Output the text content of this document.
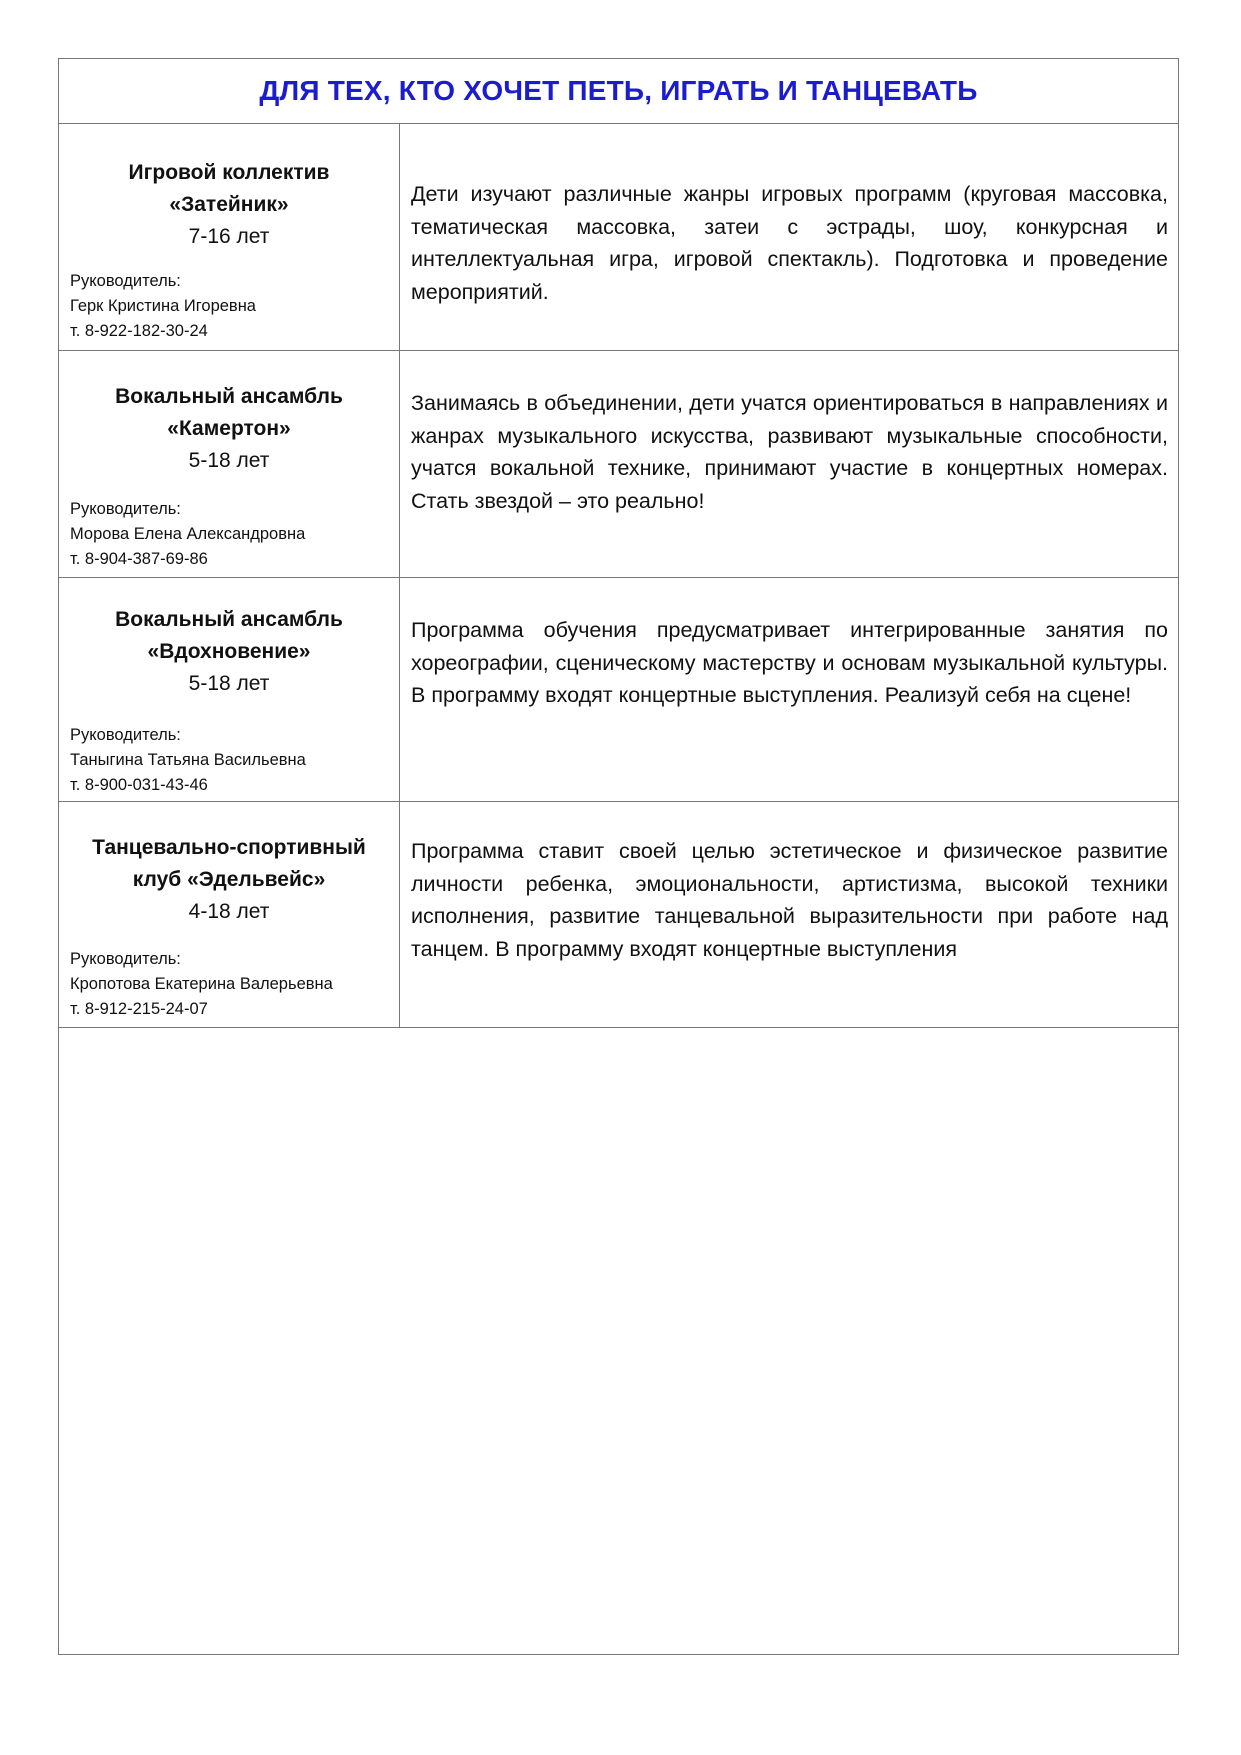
ДЛЯ ТЕХ, КТО ХОЧЕТ ПЕТЬ, ИГРАТЬ И ТАНЦЕВАТЬ
Игровой коллектив
«Затейник»
7-16 лет
Руководитель:
Герк Кристина Игоревна
т. 8-922-182-30-24
Дети изучают различные жанры игровых программ (круговая массовка, тематическая массовка, затеи с эстрады, шоу, конкурсная и интеллектуальная игра, игровой спектакль). Подготовка и проведение мероприятий.
Вокальный ансамбль
«Камертон»
5-18 лет
Руководитель:
Морова Елена Александровна
т. 8-904-387-69-86
Занимаясь в объединении, дети учатся ориентироваться в направлениях и жанрах музыкального искусства, развивают музыкальные способности, учатся вокальной технике, принимают участие в концертных номерах. Стать звездой – это реально!
Вокальный ансамбль
«Вдохновение»
5-18 лет
Руководитель:
Таныгина Татьяна Васильевна
т. 8-900-031-43-46
Программа обучения предусматривает интегрированные занятия по хореографии, сценическому мастерству и основам музыкальной культуры. В программу входят концертные выступления. Реализуй себя на сцене!
Танцевально-спортивный
клуб «Эдельвейс»
4-18 лет
Руководитель:
Кропотова Екатерина Валерьевна
т. 8-912-215-24-07
Программа ставит своей целью эстетическое и физическое развитие личности ребенка, эмоциональности, артистизма, высокой техники исполнения, развитие танцевальной выразительности при работе над танцем. В программу входят концертные выступления
